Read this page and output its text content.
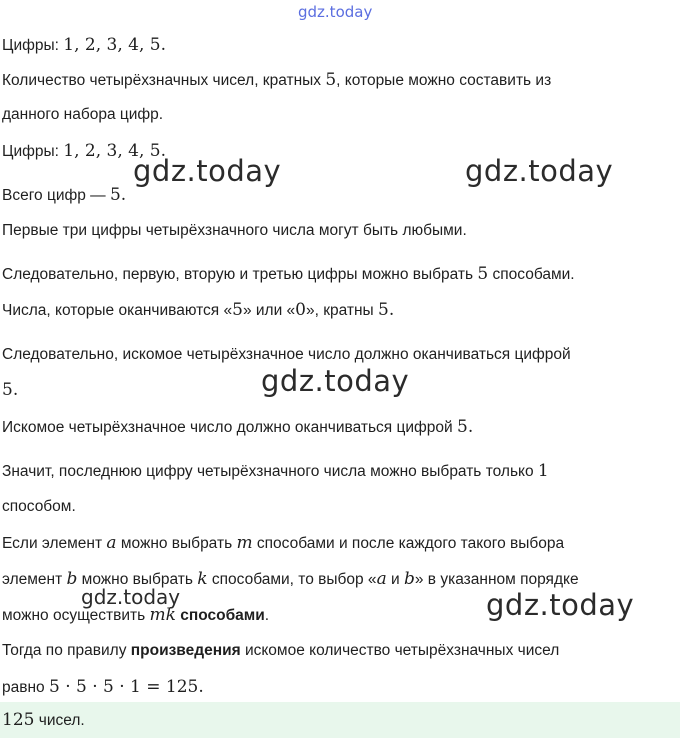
gdz.today
Цифры: 1, 2, 3, 4, 5.
Количество четырёхзначных чисел, кратных 5, которые можно составить из
данного набора цифр.
Цифры: 1, 2, 3, 4, 5.
Всего цифр — 5.
Первые три цифры четырёхзначного числа могут быть любыми.
Следовательно, первую, вторую и третью цифры можно выбрать 5 способами.
Числа, которые оканчиваются «5» или «0», кратны 5.
Следовательно, искомое четырёхзначное число должно оканчиваться цифрой
5.
Искомое четырёхзначное число должно оканчиваться цифрой 5.
Значит, последнюю цифру четырёхзначного числа можно выбрать только 1
способом.
Если элемент a можно выбрать m способами и после каждого такого выбора
элемент b можно выбрать k способами, то выбор «a и b» в указанном порядке
можно осуществить mk способами.
Тогда по правилу произведения искомое количество четырёхзначных чисел
равно 5 · 5 · 5 · 1 = 125.
125 чисел.
gdz.today	gdz.today
gdz.today
gdz.today	gdz.today
